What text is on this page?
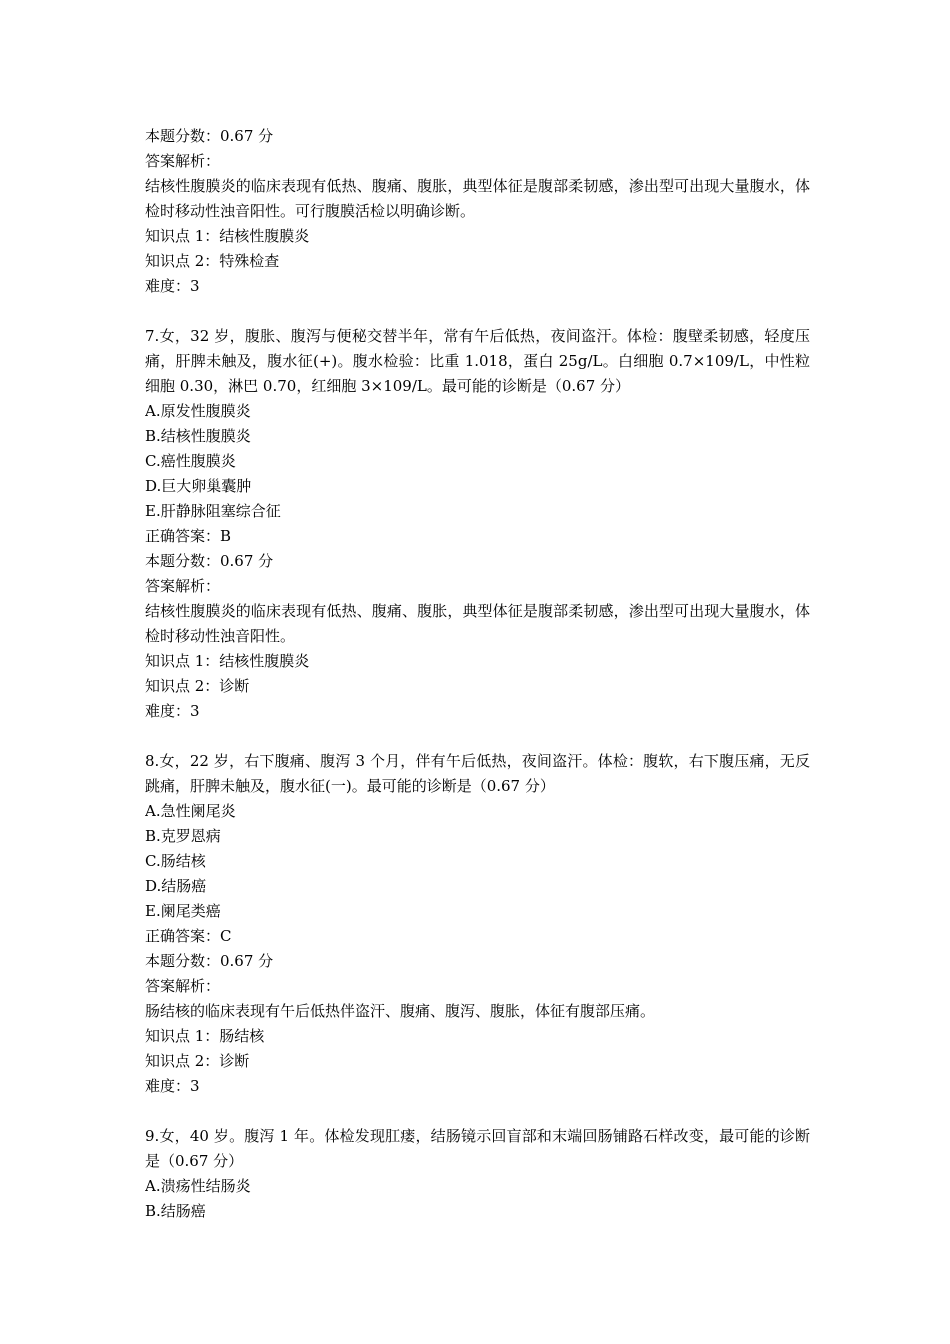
本题分数：0.67 分
答案解析：
结核性腹膜炎的临床表现有低热、腹痛、腹胀，典型体征是腹部柔韧感，渗出型可出现大量腹水，体检时移动性浊音阳性。可行腹膜活检以明确诊断。
知识点 1：结核性腹膜炎
知识点 2：特殊检查
难度：3
7.女，32 岁，腹胀、腹泻与便秘交替半年，常有午后低热，夜间盗汗。体检：腹壁柔韧感，轻度压痛，肝脾未触及，腹水征(+)。腹水检验：比重 1.018，蛋白 25g/L。白细胞 0.7×109/L，中性粒细胞 0.30，淋巴 0.70，红细胞 3×109/L。最可能的诊断是（0.67 分）
A.原发性腹膜炎
B.结核性腹膜炎
C.癌性腹膜炎
D.巨大卵巢囊肿
E.肝静脉阻塞综合征
正确答案：B
本题分数：0.67 分
答案解析：
结核性腹膜炎的临床表现有低热、腹痛、腹胀，典型体征是腹部柔韧感，渗出型可出现大量腹水，体检时移动性浊音阳性。
知识点 1：结核性腹膜炎
知识点 2：诊断
难度：3
8.女，22 岁，右下腹痛、腹泻 3 个月，伴有午后低热，夜间盗汗。体检：腹软，右下腹压痛，无反跳痛，肝脾未触及，腹水征(一)。最可能的诊断是（0.67 分）
A.急性阑尾炎
B.克罗恩病
C.肠结核
D.结肠癌
E.阑尾类癌
正确答案：C
本题分数：0.67 分
答案解析：
肠结核的临床表现有午后低热伴盗汗、腹痛、腹泻、腹胀，体征有腹部压痛。
知识点 1：肠结核
知识点 2：诊断
难度：3
9.女，40 岁。腹泻 1 年。体检发现肛瘘，结肠镜示回盲部和末端回肠铺路石样改变，最可能的诊断是（0.67 分）
A.溃疡性结肠炎
B.结肠癌
